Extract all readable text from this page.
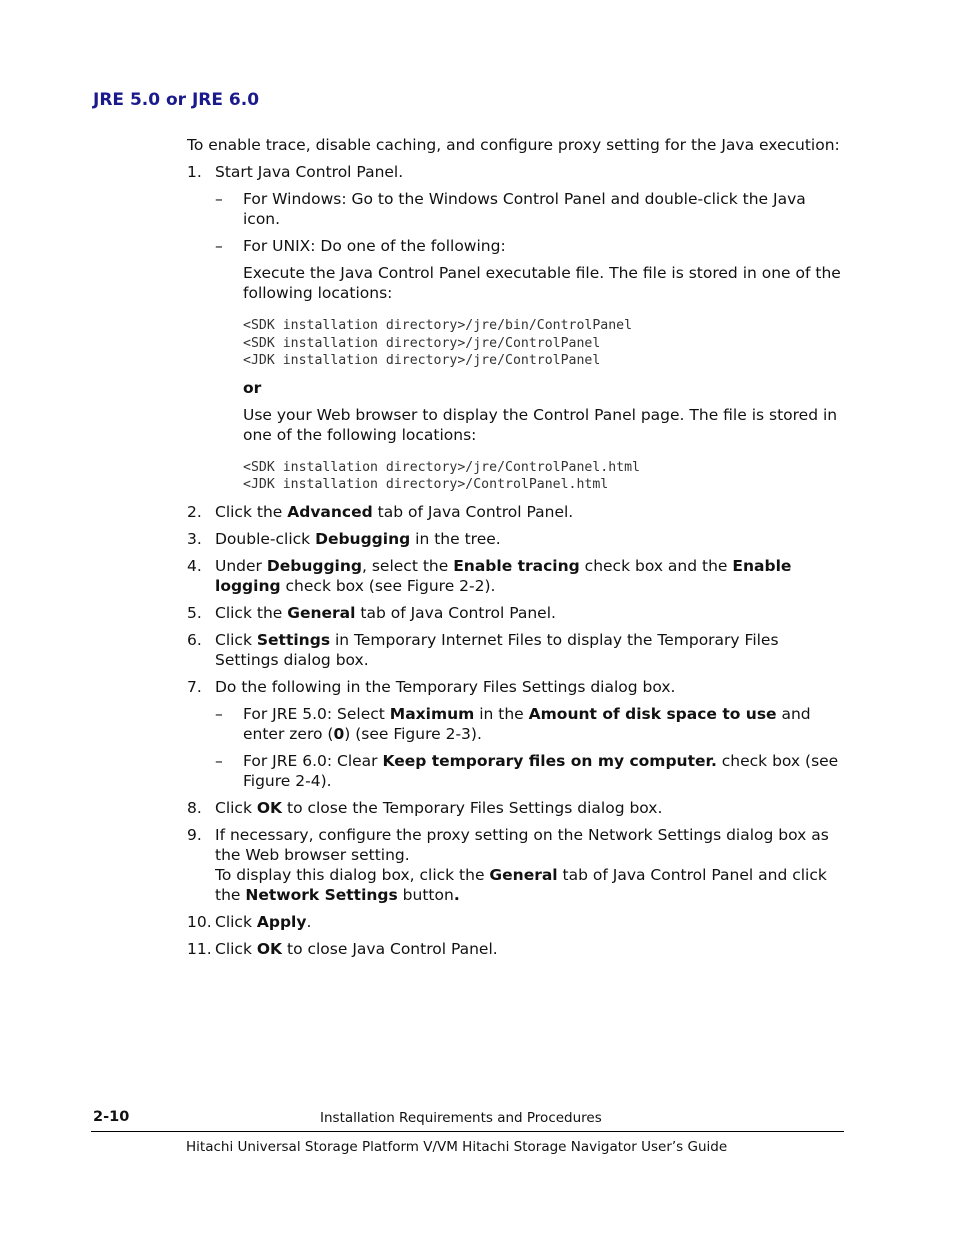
JRE 5.0 or JRE 6.0

To enable trace, disable caching, and configure proxy setting for the Java execution:

1. Start Java Control Panel.
– For Windows: Go to the Windows Control Panel and double-click the Java icon.
– For UNIX: Do one of the following:

Execute the Java Control Panel executable file. The file is stored in one of the following locations:

<SDK installation directory>/jre/bin/ControlPanel
<SDK installation directory>/jre/ControlPanel
<JDK installation directory>/jre/ControlPanel

or

Use your Web browser to display the Control Panel page. The file is stored in one of the following locations:

<SDK installation directory>/jre/ControlPanel.html
<JDK installation directory>/ControlPanel.html
2. Click the Advanced tab of Java Control Panel.
3. Double-click Debugging in the tree.
4. Under Debugging, select the Enable tracing check box and the Enable logging check box (see Figure 2-2).
5. Click the General tab of Java Control Panel.
6. Click Settings in Temporary Internet Files to display the Temporary Files Settings dialog box.
7. Do the following in the Temporary Files Settings dialog box.
– For JRE 5.0: Select Maximum in the Amount of disk space to use and enter zero (0) (see Figure 2-3).
– For JRE 6.0: Clear Keep temporary files on my computer. check box (see Figure 2-4).
8. Click OK to close the Temporary Files Settings dialog box.
9. If necessary, configure the proxy setting on the Network Settings dialog box as the Web browser setting.
To display this dialog box, click the General tab of Java Control Panel and click the Network Settings button.
10. Click Apply.
11. Click OK to close Java Control Panel.
2-10	Installation Requirements and Procedures
Hitachi Universal Storage Platform V/VM Hitachi Storage Navigator User’s Guide
